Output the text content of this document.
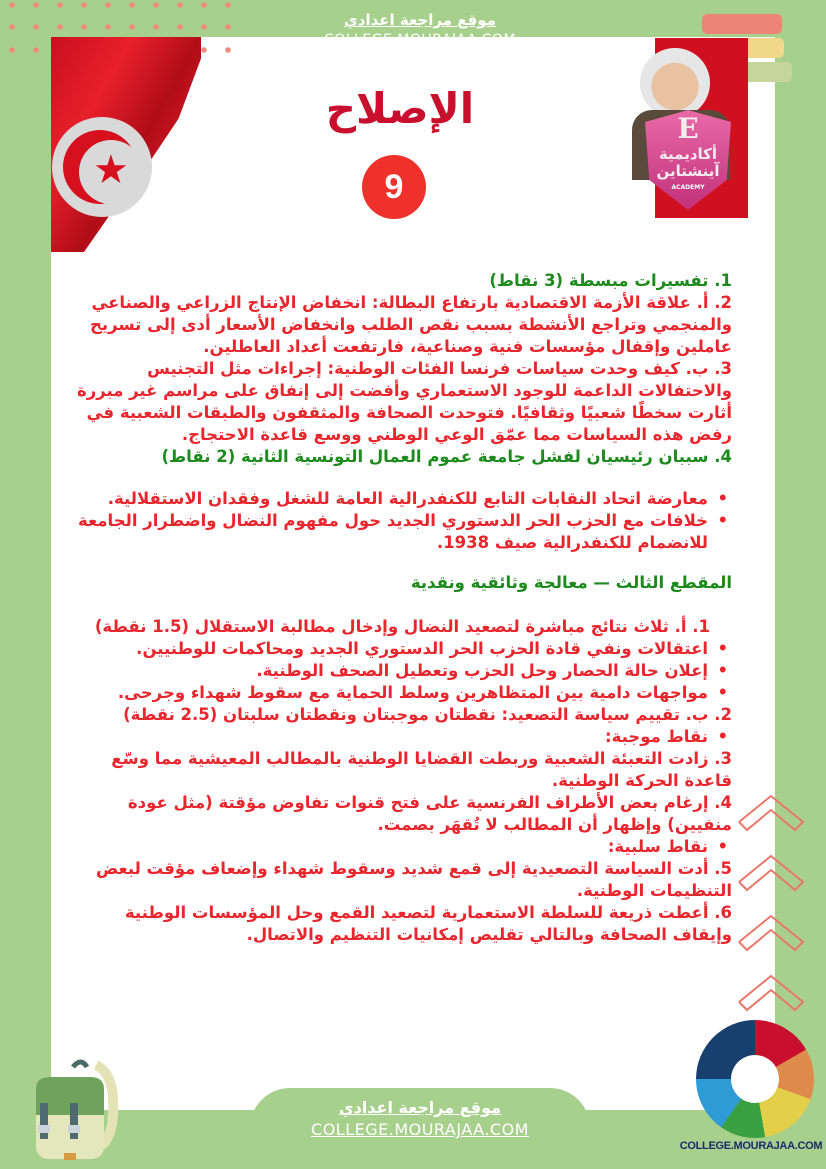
موقع مراجعة اعدادي
COLLEGE.MOURAJAA.COM
★
الإصلاح
9
E
أكاديمية
آينشتاين
ACADEMY

1. تفسيرات مبسطة (3 نقاط)

2. أ. علاقة الأزمة الاقتصادية بارتفاع البطالة: انخفاض الإنتاج الزراعي والصناعي والمنجمي وتراجع الأنشطة بسبب نقص الطلب وانخفاض الأسعار أدى إلى تسريح عاملين وإقفال مؤسسات فنية وصناعية، فارتفعت أعداد العاطلين.

3. ب. كيف وحدت سياسات فرنسا الفئات الوطنية: إجراءات مثل التجنيس والاحتفالات الداعمة للوجود الاستعماري وأفضت إلى إنفاق على مراسم غير مبررة أثارت سخطًا شعبيًا وثقافيًا. فتوحدت الصحافة والمثقفون والطبقات الشعبية في رفض هذه السياسات مما عمّق الوعي الوطني ووسع قاعدة الاحتجاج.

4. سببان رئيسيان لفشل جامعة عموم العمال التونسية الثانية (2 نقاط)

• معارضة اتحاد النقابات التابع للكنفدرالية العامة للشغل وفقدان الاستقلالية.

• خلافات مع الحزب الحر الدستوري الجديد حول مفهوم النضال واضطرار الجامعة للانضمام للكنفدرالية صيف 1938.

المقطع الثالث — معالجة وثائقية ونقدية

1. أ. ثلاث نتائج مباشرة لتصعيد النضال وإدخال مطالبة الاستقلال (1.5 نقطة)

• اعتقالات ونفي قادة الحزب الحر الدستوري الجديد ومحاكمات للوطنيين.

• إعلان حالة الحصار وحل الحزب وتعطيل الصحف الوطنية.

• مواجهات دامية بين المتظاهرين وسلط الحماية مع سقوط شهداء وجرحى.

2. ب. تقييم سياسة التصعيد: نقطتان موجبتان ونقطتان سلبتان (2.5 نقطة)

• نقاط موجبة:

3. زادت التعبئة الشعبية وربطت القضايا الوطنية بالمطالب المعيشية مما وسّع قاعدة الحركة الوطنية.

4. إرغام بعض الأطراف الفرنسية على فتح قنوات تفاوض مؤقتة (مثل عودة منفيين) وإظهار أن المطالب لا تُقهَر بصمت.

• نقاط سلبية:

5. أدت السياسة التصعيدية إلى قمع شديد وسقوط شهداء وإضعاف مؤقت لبعض التنظيمات الوطنية.

6. أعطت ذريعة للسلطة الاستعمارية لتصعيد القمع وحل المؤسسات الوطنية وإيقاف الصحافة وبالتالي تقليص إمكانيات التنظيم والاتصال.

موقع مراجعة اعدادي
COLLEGE.MOURAJAA.COM
COLLEGE.MOURAJAA.COM
